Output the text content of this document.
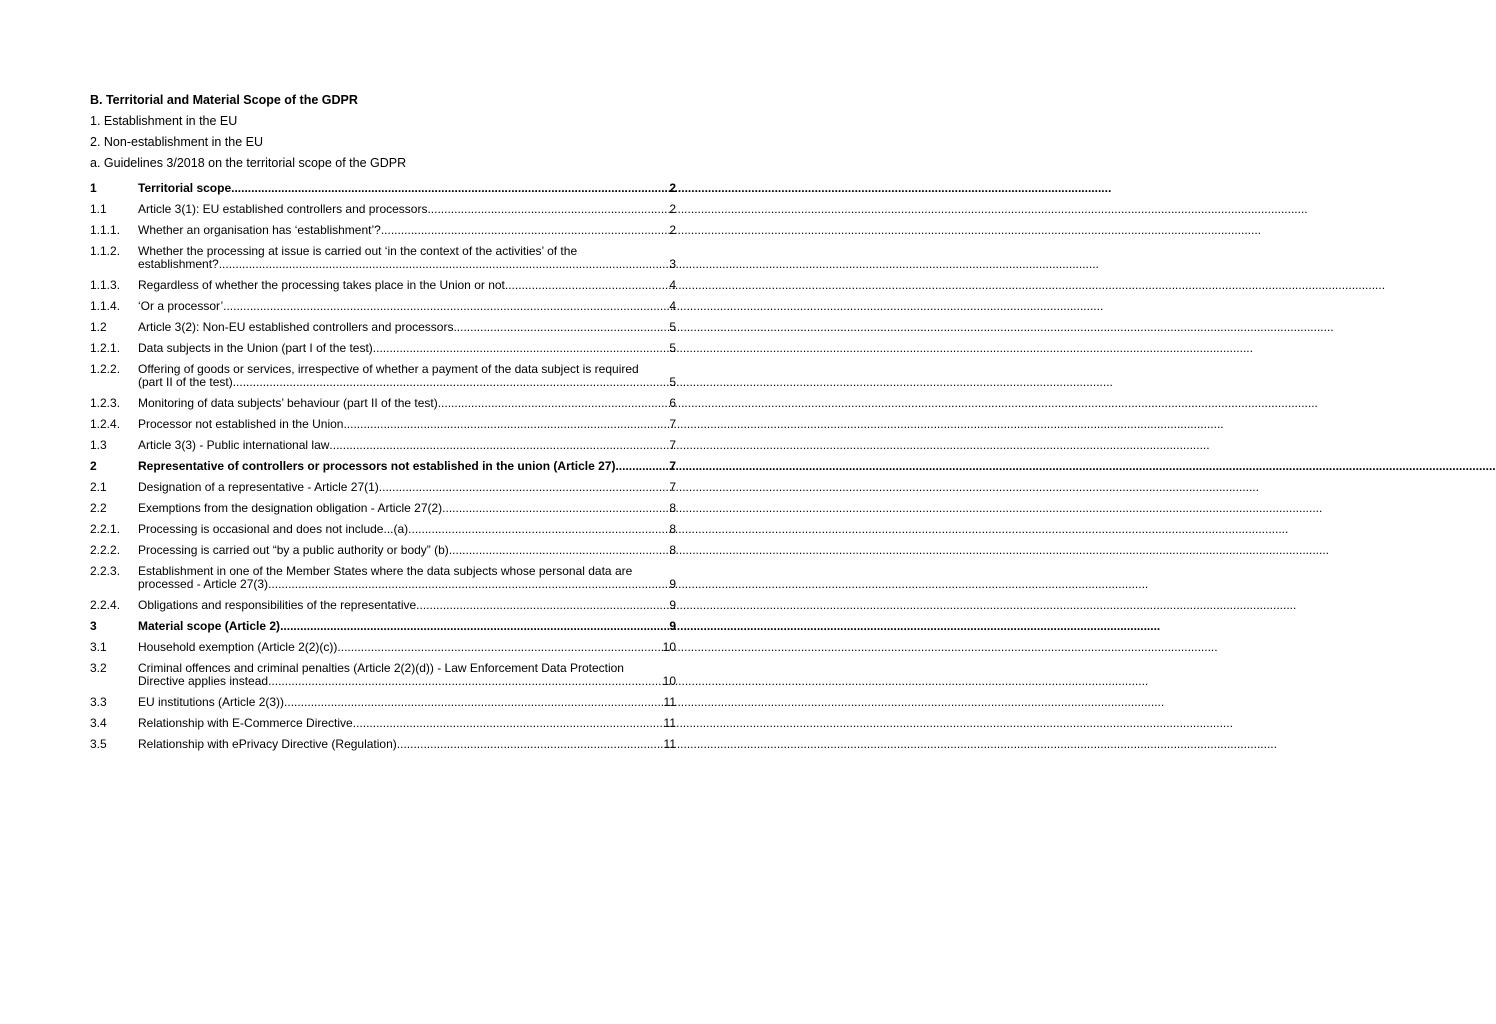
B. Territorial and Material Scope of the GDPR
1. Establishment in the EU
2. Non-establishment in the EU
a. Guidelines 3/2018 on the territorial scope of the GDPR
1	Territorial scope .....	2
1.1	Article 3(1): EU established controllers and processors .....	2
1.1.1.	Whether an organisation has ‘establishment’? .....	2
1.1.2.	Whether the processing at issue is carried out ‘in the context of the activities’ of the
establishment? .....	3
1.1.3.	Regardless of whether the processing takes place in the Union or not .....	4
1.1.4.	‘Or a processor’ .....	4
1.2	Article 3(2): Non-EU established controllers and processors .....	5
1.2.1.	Data subjects in the Union (part I of the test) .....	5
1.2.2.	Offering of goods or services, irrespective of whether a payment of the data subject is required
(part II of the test) .....	5
1.2.3.	Monitoring of data subjects’ behaviour (part II of the test) .....	6
1.2.4.	Processor not established in the Union .....	7
1.3	Article 3(3) - Public international law .....	7
2	Representative of controllers or processors not established in the union (Article 27) .....	7
2.1	Designation of a representative - Article 27(1) .....	7
2.2	Exemptions from the designation obligation - Article 27(2) .....	8
2.2.1.	Processing is occasional and does not include...(a) .....	8
2.2.2.	Processing is carried out “by a public authority or body” (b) .....	8
2.2.3.	Establishment in one of the Member States where the data subjects whose personal data are
processed - Article 27(3) .....	9
2.2.4.	Obligations and responsibilities of the representative .....	9
3	Material scope (Article 2) .....	9
3.1	Household exemption (Article 2(2)(c)) .....	10
3.2	Criminal offences and criminal penalties (Article 2(2)(d)) - Law Enforcement Data Protection
Directive applies instead .....	10
3.3	EU institutions (Article 2(3)) .....	11
3.4	Relationship with E-Commerce Directive .....	11
3.5	Relationship with ePrivacy Directive (Regulation) .....	11
